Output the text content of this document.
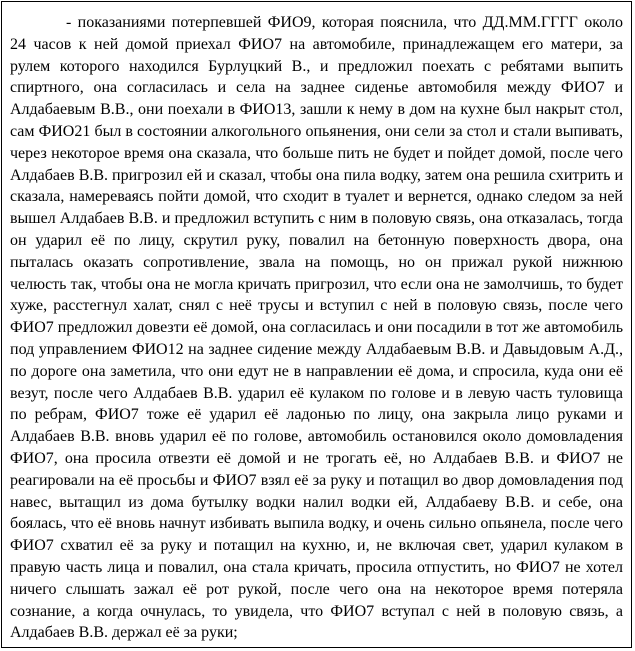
- показаниями потерпевшей ФИО9, которая пояснила, что ДД.ММ.ГГГГ около 24 часов к ней домой приехал ФИО7 на автомобиле, принадлежащем его матери, за рулем которого находился Бурлуцкий В., и предложил поехать с ребятами выпить спиртного, она согласилась и села на заднее сиденье автомобиля между ФИО7 и Алдабаевым В.В., они поехали в ФИО13, зашли к нему в дом на кухне был накрыт стол, сам ФИО21 был в состоянии алкогольного опьянения, они сели за стол и стали выпивать, через некоторое время она сказала, что больше пить не будет и пойдет домой, после чего Алдабаев В.В. пригрозил ей и сказал, чтобы она пила водку, затем она решила схитрить и сказала, намереваясь пойти домой, что сходит в туалет и вернется, однако следом за ней вышел Алдабаев В.В. и предложил вступить с ним в половую связь, она отказалась, тогда он ударил её по лицу, скрутил руку, повалил на бетонную поверхность двора, она пыталась оказать сопротивление, звала на помощь, но он прижал рукой нижнюю челюсть так, чтобы она не могла кричать пригрозил, что если она не замолчишь, то будет хуже, расстегнул халат, снял с неё трусы и вступил с ней в половую связь, после чего ФИО7 предложил довезти её домой, она согласилась и они посадили в тот же автомобиль под управлением ФИО12 на заднее сидение между Алдабаевым В.В. и Давыдовым А.Д., по дороге она заметила, что они едут не в направлении её дома, и спросила, куда они её везут, после чего Алдабаев В.В. ударил её кулаком по голове и в левую часть туловища по ребрам, ФИО7 тоже её ударил её ладонью по лицу, она закрыла лицо руками и Алдабаев В.В. вновь ударил её по голове, автомобиль остановился около домовладения ФИО7, она просила отвезти её домой и не трогать её, но Алдабаев В.В. и ФИО7 не реагировали на её просьбы и ФИО7 взял её за руку и потащил во двор домовладения под навес, вытащил из дома бутылку водки налил водки ей, Алдабаеву В.В. и себе, она боялась, что её вновь начнут избивать выпила водку, и очень сильно опьянела, после чего ФИО7 схватил её за руку и потащил на кухню, и, не включая свет, ударил кулаком в правую часть лица и повалил, она стала кричать, просила отпустить, но ФИО7 не хотел ничего слышать зажал её рот рукой, после чего она на некоторое время потеряла сознание, а когда очнулась, то увидела, что ФИО7 вступал с ней в половую связь, а Алдабаев В.В. держал её за руки;
